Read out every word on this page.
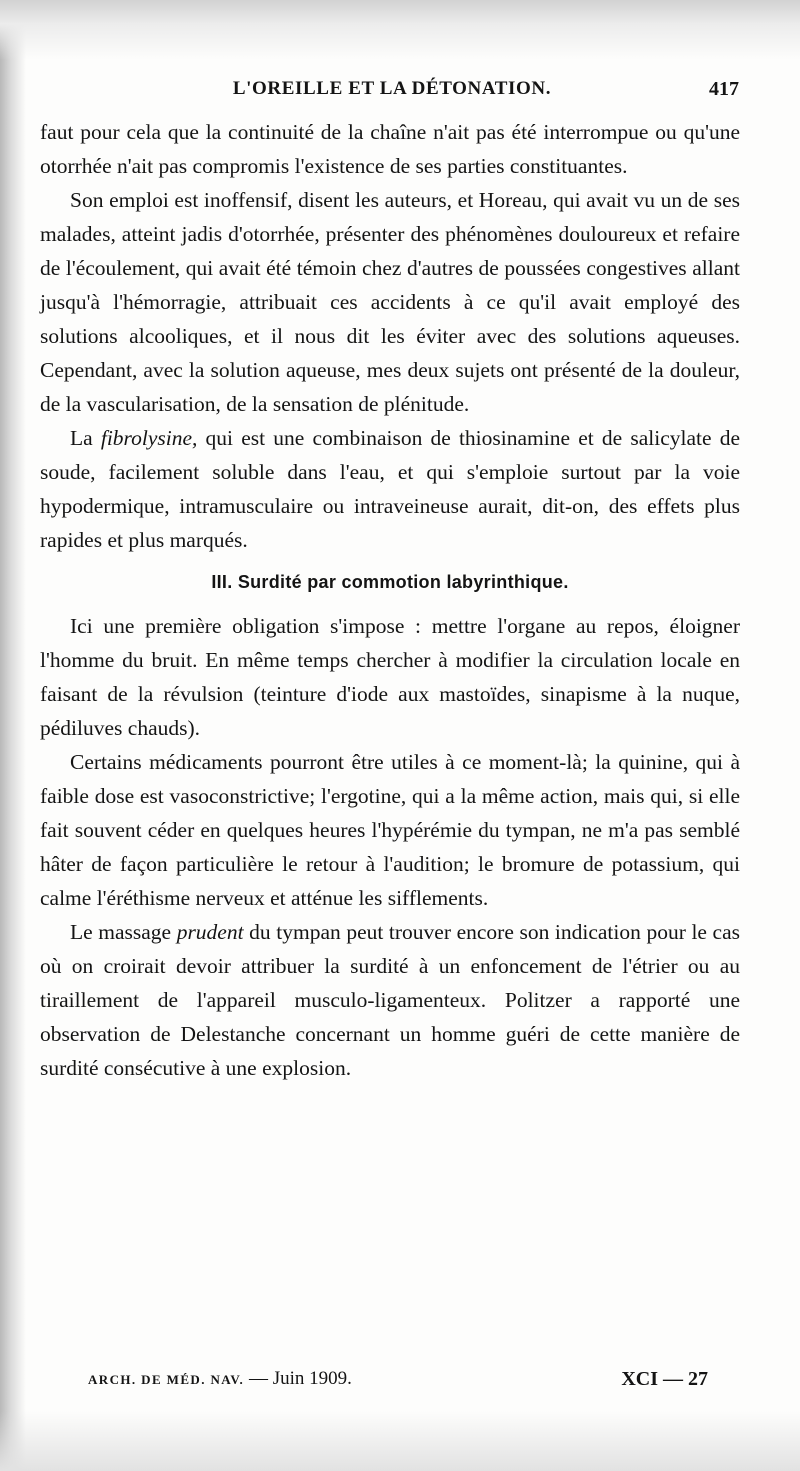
L'OREILLE ET LA DÉTONATION.	417

faut pour cela que la continuité de la chaîne n'ait pas été interrompue ou qu'une otorrhée n'ait pas compromis l'existence de ses parties constituantes.

Son emploi est inoffensif, disent les auteurs, et Horeau, qui avait vu un de ses malades, atteint jadis d'otorrhée, présenter des phénomènes douloureux et refaire de l'écoulement, qui avait été témoin chez d'autres de poussées congestives allant jusqu'à l'hémorragie, attribuait ces accidents à ce qu'il avait employé des solutions alcooliques, et il nous dit les éviter avec des solutions aqueuses. Cependant, avec la solution aqueuse, mes deux sujets ont présenté de la douleur, de la vascularisation, de la sensation de plénitude.

La fibrolysine, qui est une combinaison de thiosinamine et de salicylate de soude, facilement soluble dans l'eau, et qui s'emploie surtout par la voie hypodermique, intramusculaire ou intraveineuse aurait, dit-on, des effets plus rapides et plus marqués.

III. Surdité par commotion labyrinthique.

Ici une première obligation s'impose : mettre l'organe au repos, éloigner l'homme du bruit. En même temps chercher à modifier la circulation locale en faisant de la révulsion (teinture d'iode aux mastoïdes, sinapisme à la nuque, pédiluves chauds).

Certains médicaments pourront être utiles à ce moment-là; la quinine, qui à faible dose est vasoconstrictive; l'ergotine, qui a la même action, mais qui, si elle fait souvent céder en quelques heures l'hypérémie du tympan, ne m'a pas semblé hâter de façon particulière le retour à l'audition; le bromure de potassium, qui calme l'éréthisme nerveux et atténue les sifflements.

Le massage prudent du tympan peut trouver encore son indication pour le cas où on croirait devoir attribuer la surdité à un enfoncement de l'étrier ou au tiraillement de l'appareil musculo-ligamenteux. Politzer a rapporté une observation de Delestanche concernant un homme guéri de cette manière de surdité consécutive à une explosion.

ARCH. DE MÉD. NAV. — Juin 1909.	XCI — 27
